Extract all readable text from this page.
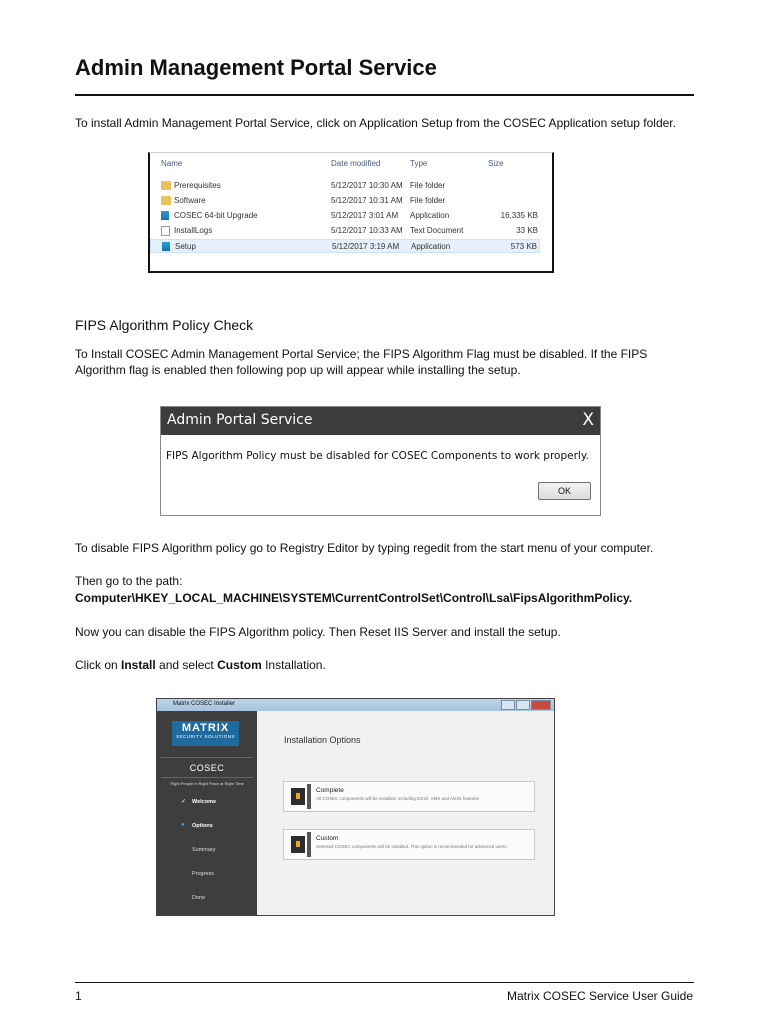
Admin Management Portal Service
To install Admin Management Portal Service, click on Application Setup from the COSEC Application setup folder.
Name	Date modified	Type	Size
Prerequisites	5/12/2017 10:30 AM File folder
Software	5/12/2017 10:31 AM File folder
COSEC 64-bit Upgrade	5/12/2017 3:01 AM Application	16,335 KB
InstallLogs	5/12/2017 10:33 AM Text Document	33 KB
Setup	5/12/2017 3:19 AM Application	573 KB
FIPS Algorithm Policy Check
To Install COSEC Admin Management Portal Service; the FIPS Algorithm Flag must be disabled. If the FIPS Algorithm flag is enabled then following pop up will appear while installing the setup.
Admin Portal Service	X
FIPS Algorithm Policy must be disabled for COSEC Components to work properly.
OK
To disable FIPS Algorithm policy go to Registry Editor by typing regedit from the start menu of your computer.
Then go to the path:
Computer\HKEY_LOCAL_MACHINE\SYSTEM\CurrentControlSet\Control\Lsa\FipsAlgorithmPolicy.
Now you can disable the FIPS Algorithm policy. Then Reset IIS Server and install the setup.
Click on Install and select Custom Installation.
Matrix COSEC Installer
MATRIX
SECURITY SOLUTIONS
COSEC
Right People in Right Place at Right Time
✓ Welcome
● Options
Summary
Progress
Done
Installation Options
Complete
All COSEC components will be installed, including Ezmil, VMS and Alerts features
Custom
Selected COSEC components will be installed. This option is recommended for advanced users.
1	Matrix COSEC Service User Guide
